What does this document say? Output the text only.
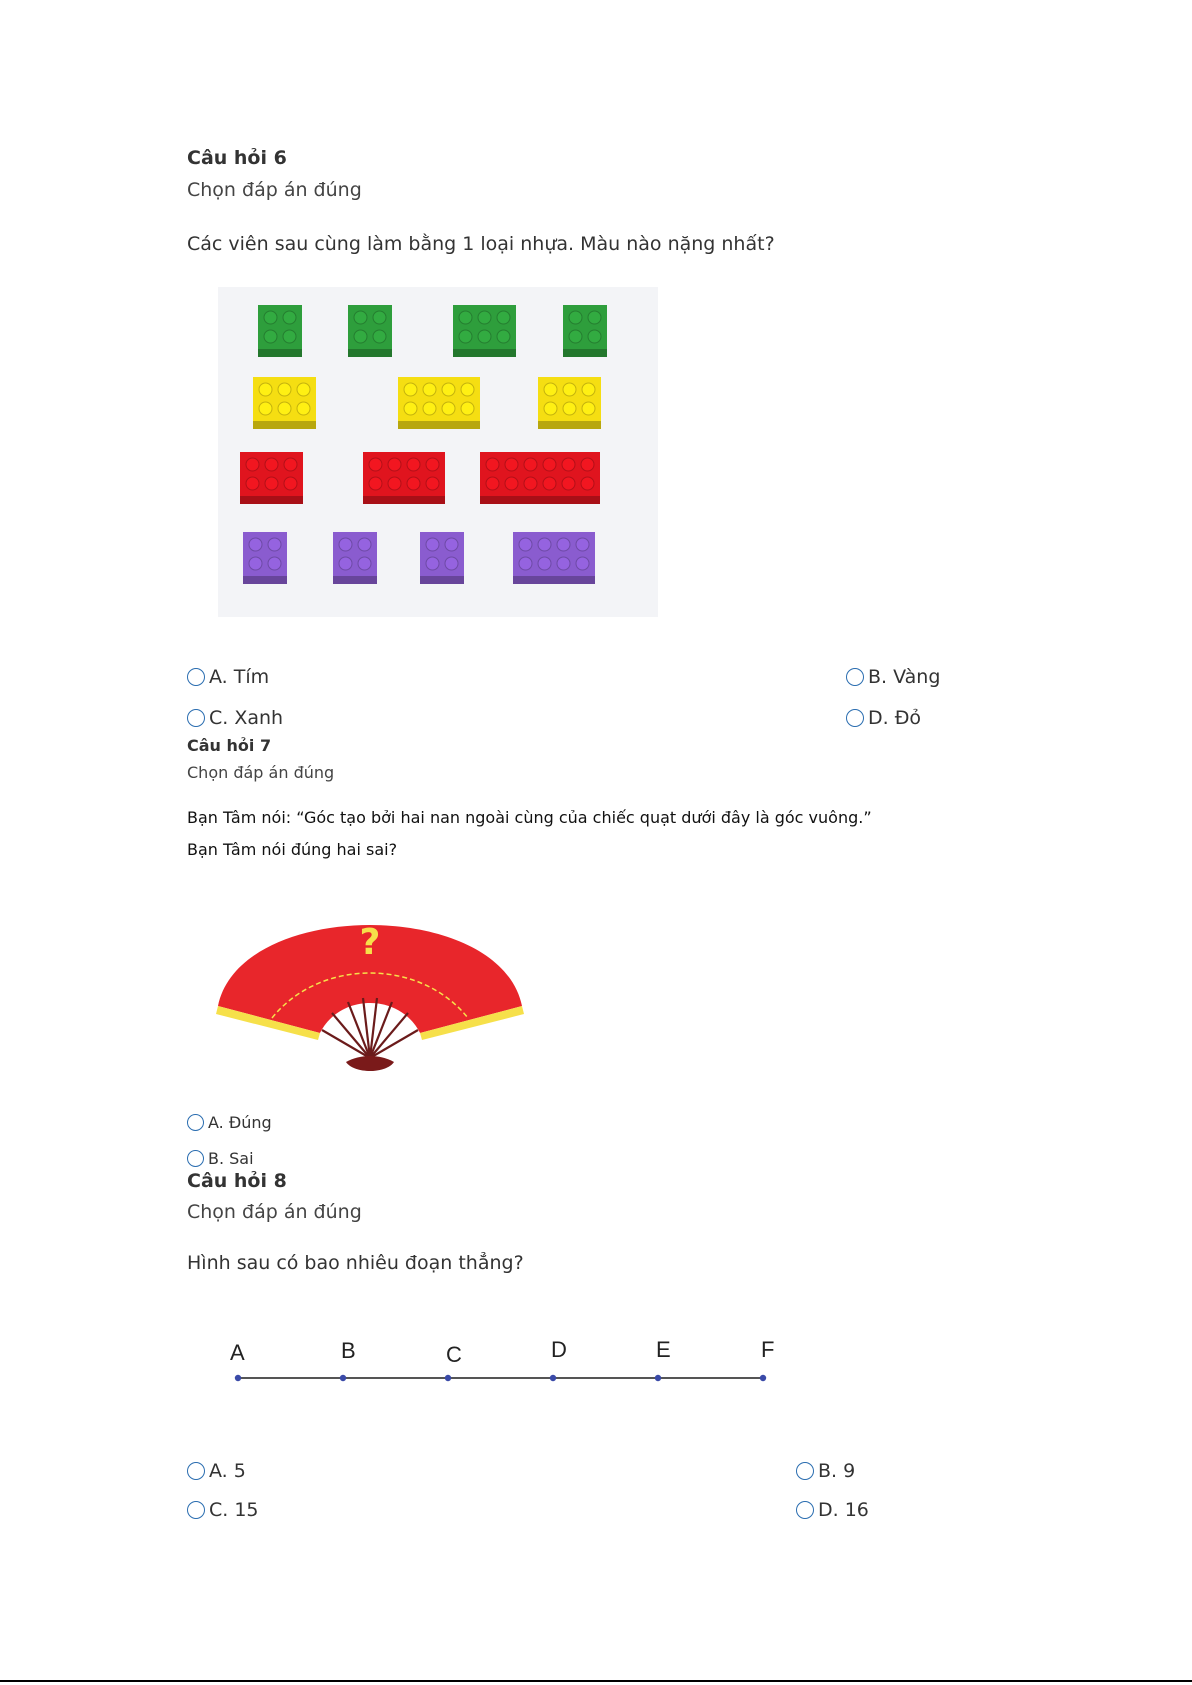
Câu hỏi 6
Chọn đáp án đúng
Các viên sau cùng làm bằng 1 loại nhựa. Màu nào nặng nhất?
A. Tím	B. Vàng
C. Xanh	D. Đỏ
Câu hỏi 7
Chọn đáp án đúng
Bạn Tâm nói: “Góc tạo bởi hai nan ngoài cùng của chiếc quạt dưới đây là góc vuông.”
Bạn Tâm nói đúng hai sai?
?
A. Đúng
B. Sai
Câu hỏi 8
Chọn đáp án đúng
Hình sau có bao nhiêu đoạn thẳng?
A	B	C	D	E	F
A. 5	B. 9
C. 15	D. 16
